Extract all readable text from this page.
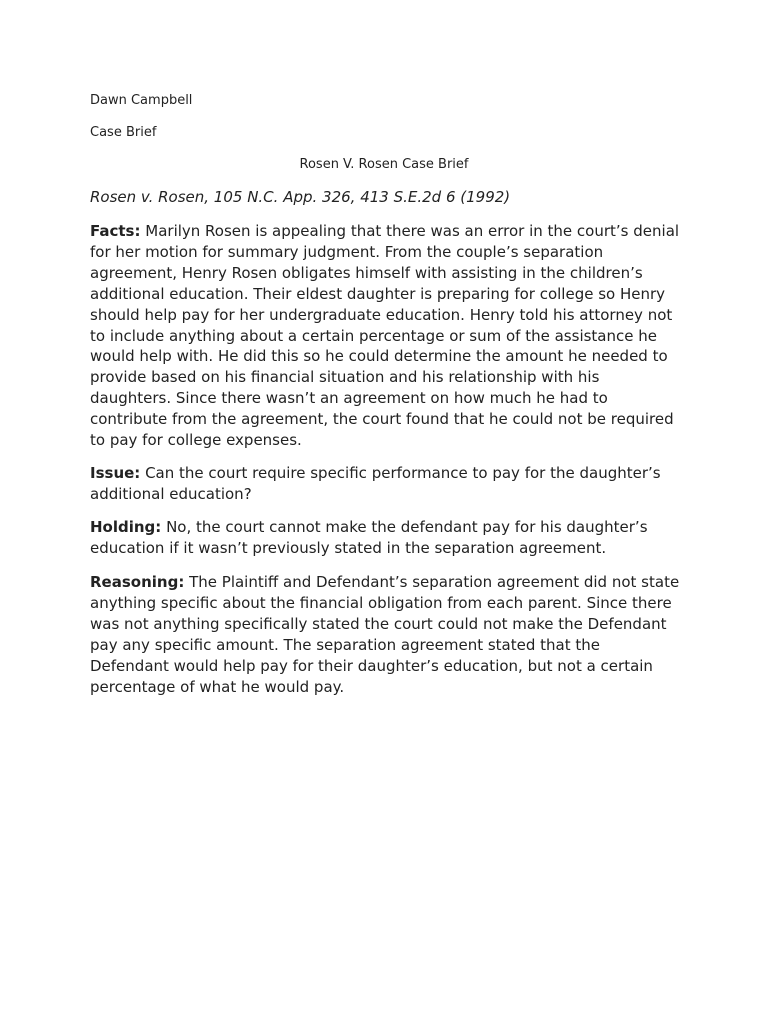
Dawn Campbell
Case Brief
Rosen V. Rosen Case Brief
Rosen v. Rosen, 105 N.C. App. 326, 413 S.E.2d 6 (1992)

Facts: Marilyn Rosen is appealing that there was an error in the court’s denial for her motion for summary judgment. From the couple’s separation agreement, Henry Rosen obligates himself with assisting in the children’s additional education. Their eldest daughter is preparing for college so Henry should help pay for her undergraduate education. Henry told his attorney not to include anything about a certain percentage or sum of the assistance he would help with. He did this so he could determine the amount he needed to provide based on his financial situation and his relationship with his daughters. Since there wasn’t an agreement on how much he had to contribute from the agreement, the court found that he could not be required to pay for college expenses.

Issue: Can the court require specific performance to pay for the daughter’s additional education?

Holding: No, the court cannot make the defendant pay for his daughter’s education if it wasn’t previously stated in the separation agreement.

Reasoning: The Plaintiff and Defendant’s separation agreement did not state anything specific about the financial obligation from each parent. Since there was not anything specifically stated the court could not make the Defendant pay any specific amount. The separation agreement stated that the Defendant would help pay for their daughter’s education, but not a certain percentage of what he would pay.
